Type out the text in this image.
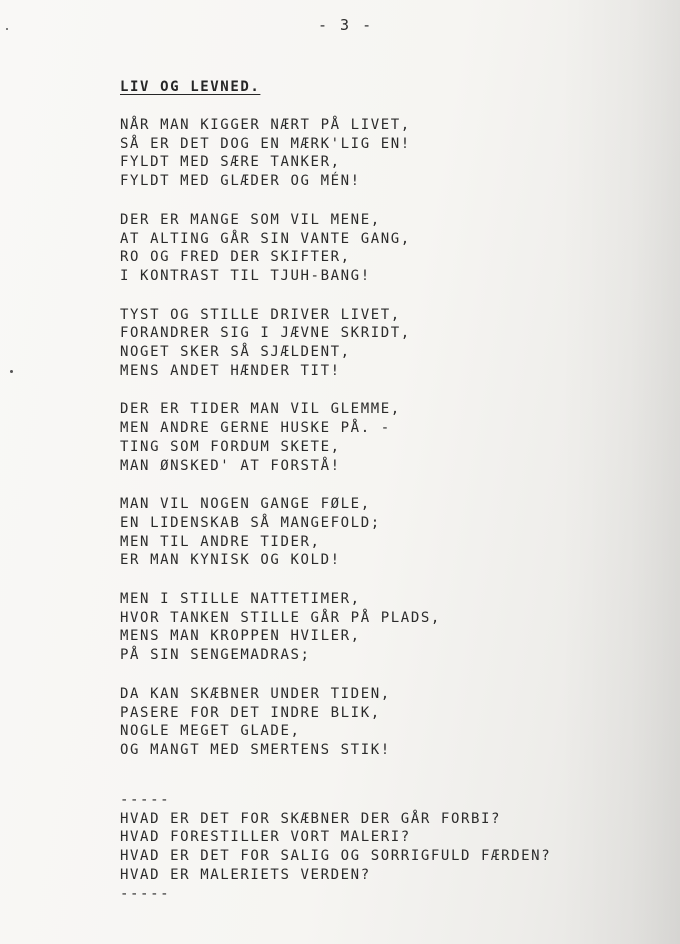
- 3 -
LIV OG LEVNED.
NÅR MAN KIGGER NÆRT PÅ LIVET,
SÅ ER DET DOG EN MÆRK'LIG EN!
FYLDT MED SÆRE TANKER,
FYLDT MED GLÆDER OG MÉN!
DER ER MANGE SOM VIL MENE,
AT ALTING GÅR SIN VANTE GANG,
RO OG FRED DER SKIFTER,
I KONTRAST TIL TJUH-BANG!
TYST OG STILLE DRIVER LIVET,
FORANDRER SIG I JÆVNE SKRIDT,
NOGET SKER SÅ SJÆLDENT,
MENS ANDET HÆNDER TIT!
DER ER TIDER MAN VIL GLEMME,
MEN ANDRE GERNE HUSKE PÅ. -
TING SOM FORDUM SKETE,
MAN ØNSKED' AT FORSTÅ!
MAN VIL NOGEN GANGE FØLE,
EN LIDENSKAB SÅ MANGEFOLD;
MEN TIL ANDRE TIDER,
ER MAN KYNISK OG KOLD!
MEN I STILLE NATTETIMER,
HVOR TANKEN STILLE GÅR PÅ PLADS,
MENS MAN KROPPEN HVILER,
PÅ SIN SENGEMADRAS;
DA KAN SKÆBNER UNDER TIDEN,
PASERE FOR DET INDRE BLIK,
NOGLE MEGET GLADE,
OG MANGT MED SMERTENS STIK!
-----
HVAD ER DET FOR SKÆBNER DER GÅR FORBI?
HVAD FORESTILLER VORT MALERI?
HVAD ER DET FOR SALIG OG SORRIGFULD FÆRDEN?
HVAD ER MALERIETS VERDEN?
-----
